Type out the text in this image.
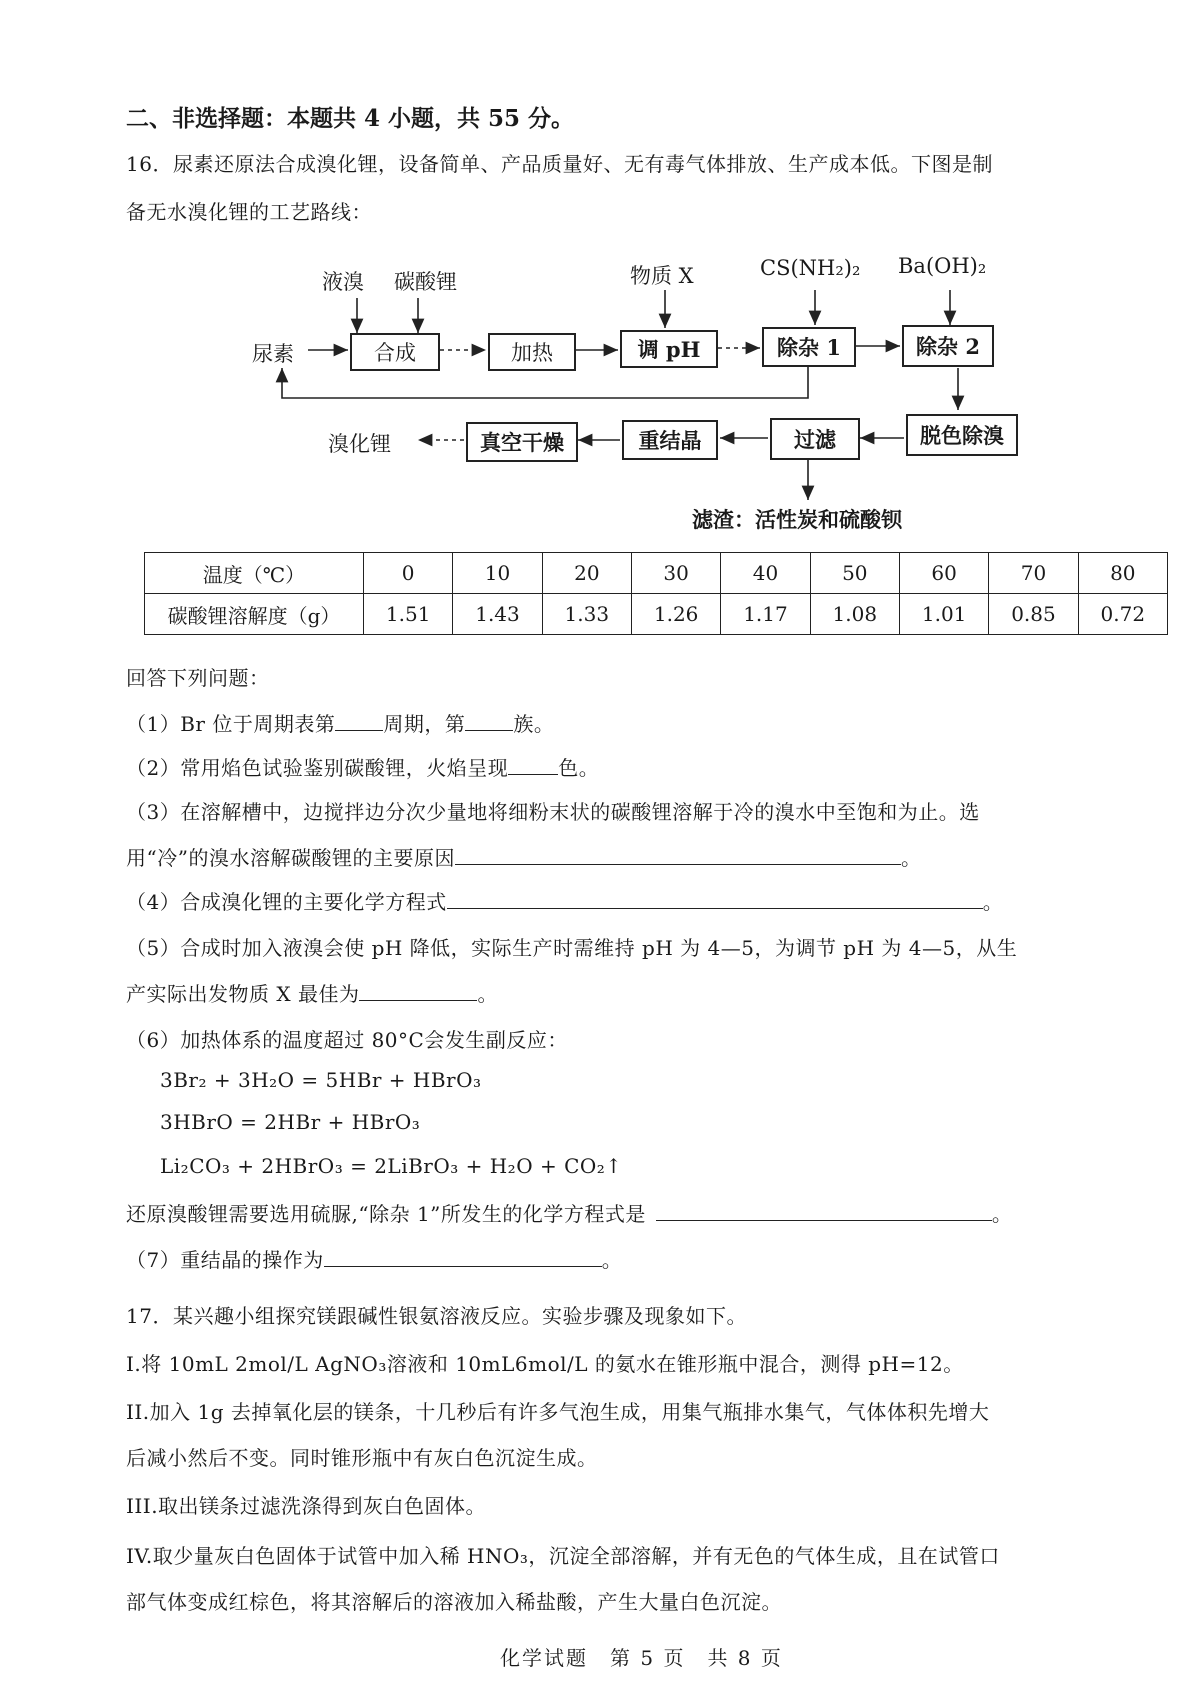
二、非选择题：本题共 4 小题，共 55 分。
16．尿素还原法合成溴化锂，设备简单、产品质量好、无有毒气体排放、生产成本低。下图是制
备无水溴化锂的工艺路线：
液溴 碳酸锂	物质 X	CS(NH₂)₂ Ba(OH)₂
尿素	合成	加热	调 pH	除杂 1	除杂 2
脱色除溴
过滤
重结晶
真空干燥
溴化锂
滤渣：活性炭和硫酸钡
温度（℃）	0	10	20	30	40	50	60	70	80
碳酸锂溶解度（g）	1.51	1.43	1.33	1.26	1.17	1.08	1.01	0.85	0.72
回答下列问题：
（1）Br 位于周期表第 周期，第 族。
（2）常用焰色试验鉴别碳酸锂，火焰呈现	色。
（3）在溶解槽中，边搅拌边分次少量地将细粉末状的碳酸锂溶解于冷的溴水中至饱和为止。选
用“冷”的溴水溶解碳酸锂的主要原因	。
（4）合成溴化锂的主要化学方程式	。
（5）合成时加入液溴会使 pH 降低，实际生产时需维持 pH 为 4—5，为调节 pH 为 4—5，从生
产实际出发物质 X 最佳为	。
（6）加热体系的温度超过 80°C会发生副反应：
3Br₂ + 3H₂O = 5HBr + HBrO₃
3HBrO = 2HBr + HBrO₃
Li₂CO₃ + 2HBrO₃ = 2LiBrO₃ + H₂O + CO₂↑
还原溴酸锂需要选用硫脲,“除杂 1”所发生的化学方程式是	。
（7）重结晶的操作为	。
17．某兴趣小组探究镁跟碱性银氨溶液反应。实验步骤及现象如下。
I.将 10mL 2mol/L AgNO₃溶液和 10mL6mol/L 的氨水在锥形瓶中混合，测得 pH=12。
II.加入 1g 去掉氧化层的镁条，十几秒后有许多气泡生成，用集气瓶排水集气，气体体积先增大
后减小然后不变。同时锥形瓶中有灰白色沉淀生成。
III.取出镁条过滤洗涤得到灰白色固体。
IV.取少量灰白色固体于试管中加入稀 HNO₃，沉淀全部溶解，并有无色的气体生成，且在试管口
部气体变成红棕色，将其溶解后的溶液加入稀盐酸，产生大量白色沉淀。
化学试题　第 5 页　共 8 页
